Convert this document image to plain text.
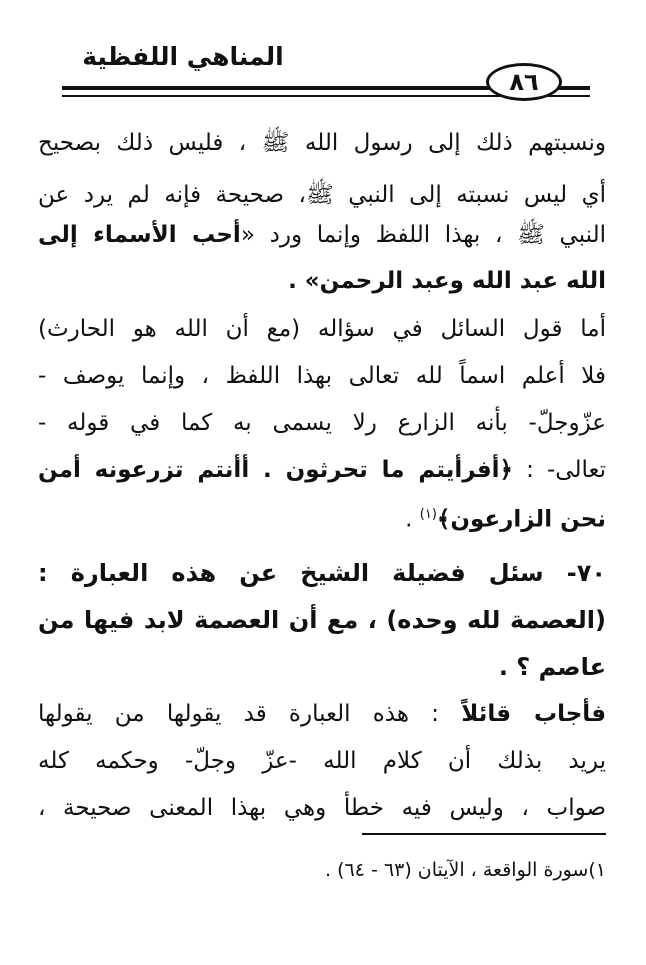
المناهي اللفظية
٨٦
ونسبتهم ذلك إلى رسول الله ﷺ ، فليس ذلك بصحيح
أي ليس نسبته إلى النبي ﷺ، صحيحة فإنه لم يرد عن
النبي ﷺ ، بهذا اللفظ وإنما ورد «أحب الأسماء إلى
الله عبد الله وعبد الرحمن» .
أما قول السائل في سؤاله (مع أن الله هو الحارث)
فلا أعلم اسماً لله تعالى بهذا اللفظ ، وإنما يوصف -
عزّوجلّ- بأنه الزارع رلا يسمى به كما في قوله -
تعالى- : ﴿أفرأيتم ما تحرثون . أأنتم تزرعونه أمن
نحن الزارعون﴾$^{(١)}$ .
٧٠- سئل فضيلة الشيخ عن هذه العبارة :
(العصمة لله وحده) ، مع أن العصمة لابد فيها من
عاصم ؟ .
فأجاب قائلاً : هذه العبارة قد يقولها من يقولها
يريد بذلك أن كلام الله -عزّ وجلّ- وحكمه كله
صواب ، وليس فيه خطأ وهي بهذا المعنى صحيحة ،
١)سورة الواقعة ، الآيتان (٦٣ - ٦٤) .
